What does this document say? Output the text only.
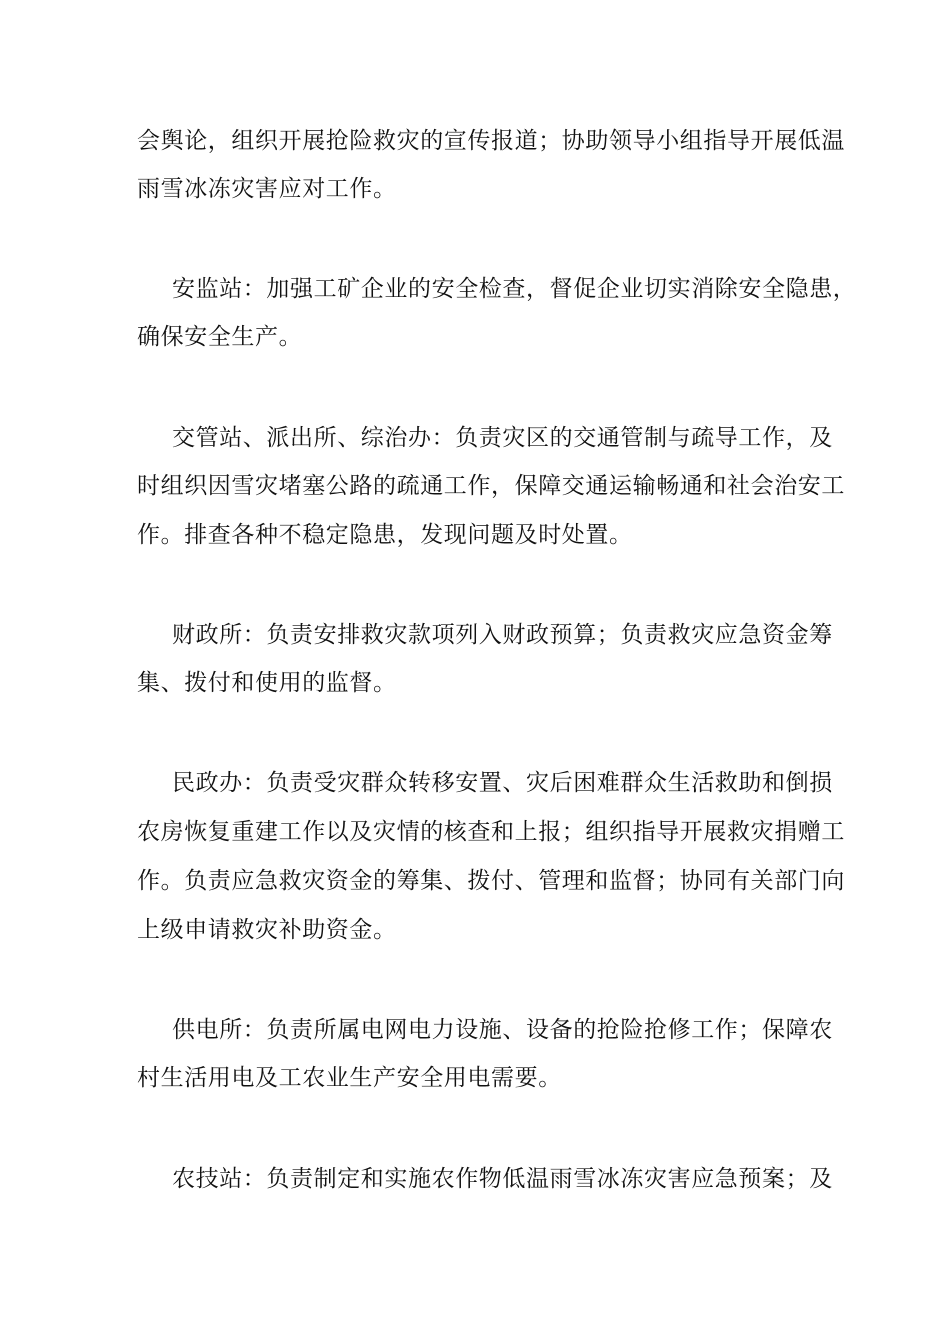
会舆论，组织开展抢险救灾的宣传报道；协助领导小组指导开展低温
雨雪冰冻灾害应对工作。
安监站：加强工矿企业的安全检查，督促企业切实消除安全隐患，
确保安全生产。
交管站、派出所、综治办：负责灾区的交通管制与疏导工作，及
时组织因雪灾堵塞公路的疏通工作，保障交通运输畅通和社会治安工
作。排查各种不稳定隐患，发现问题及时处置。
财政所：负责安排救灾款项列入财政预算；负责救灾应急资金筹
集、拨付和使用的监督。
民政办：负责受灾群众转移安置、灾后困难群众生活救助和倒损
农房恢复重建工作以及灾情的核查和上报；组织指导开展救灾捐赠工
作。负责应急救灾资金的筹集、拨付、管理和监督；协同有关部门向
上级申请救灾补助资金。
供电所：负责所属电网电力设施、设备的抢险抢修工作；保障农
村生活用电及工农业生产安全用电需要。
农技站：负责制定和实施农作物低温雨雪冰冻灾害应急预案；及
